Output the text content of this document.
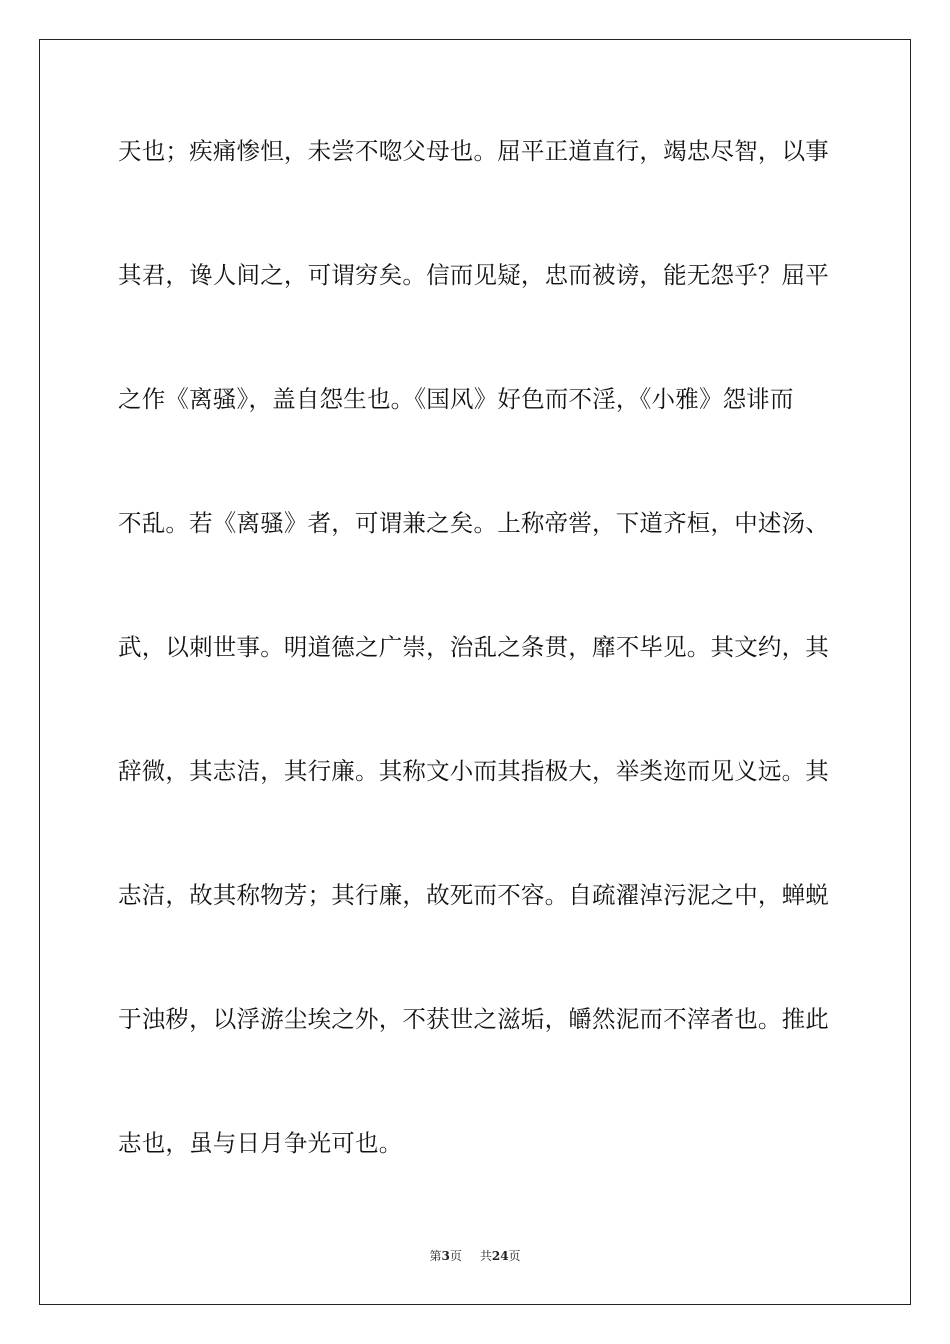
天也；疾痛惨怛，未尝不唿父母也。屈平正道直行，竭忠尽智，以事
其君，谗人间之，可谓穷矣。信而见疑，忠而被谤，能无怨乎？屈平
之作《离骚》，盖自怨生也。《国风》好色而不淫，《小雅》怨诽而
不乱。若《离骚》者，可谓兼之矣。上称帝喾，下道齐桓，中述汤、
武，以刺世事。明道德之广崇，治乱之条贯，靡不毕见。其文约，其
辞微，其志洁，其行廉。其称文小而其指极大，举类迩而见义远。其
志洁，故其称物芳；其行廉，故死而不容。自疏濯淖污泥之中，蝉蜕
于浊秽，以浮游尘埃之外，不获世之滋垢，皭然泥而不滓者也。推此
志也，虽与日月争光可也。
第3页 共24页
